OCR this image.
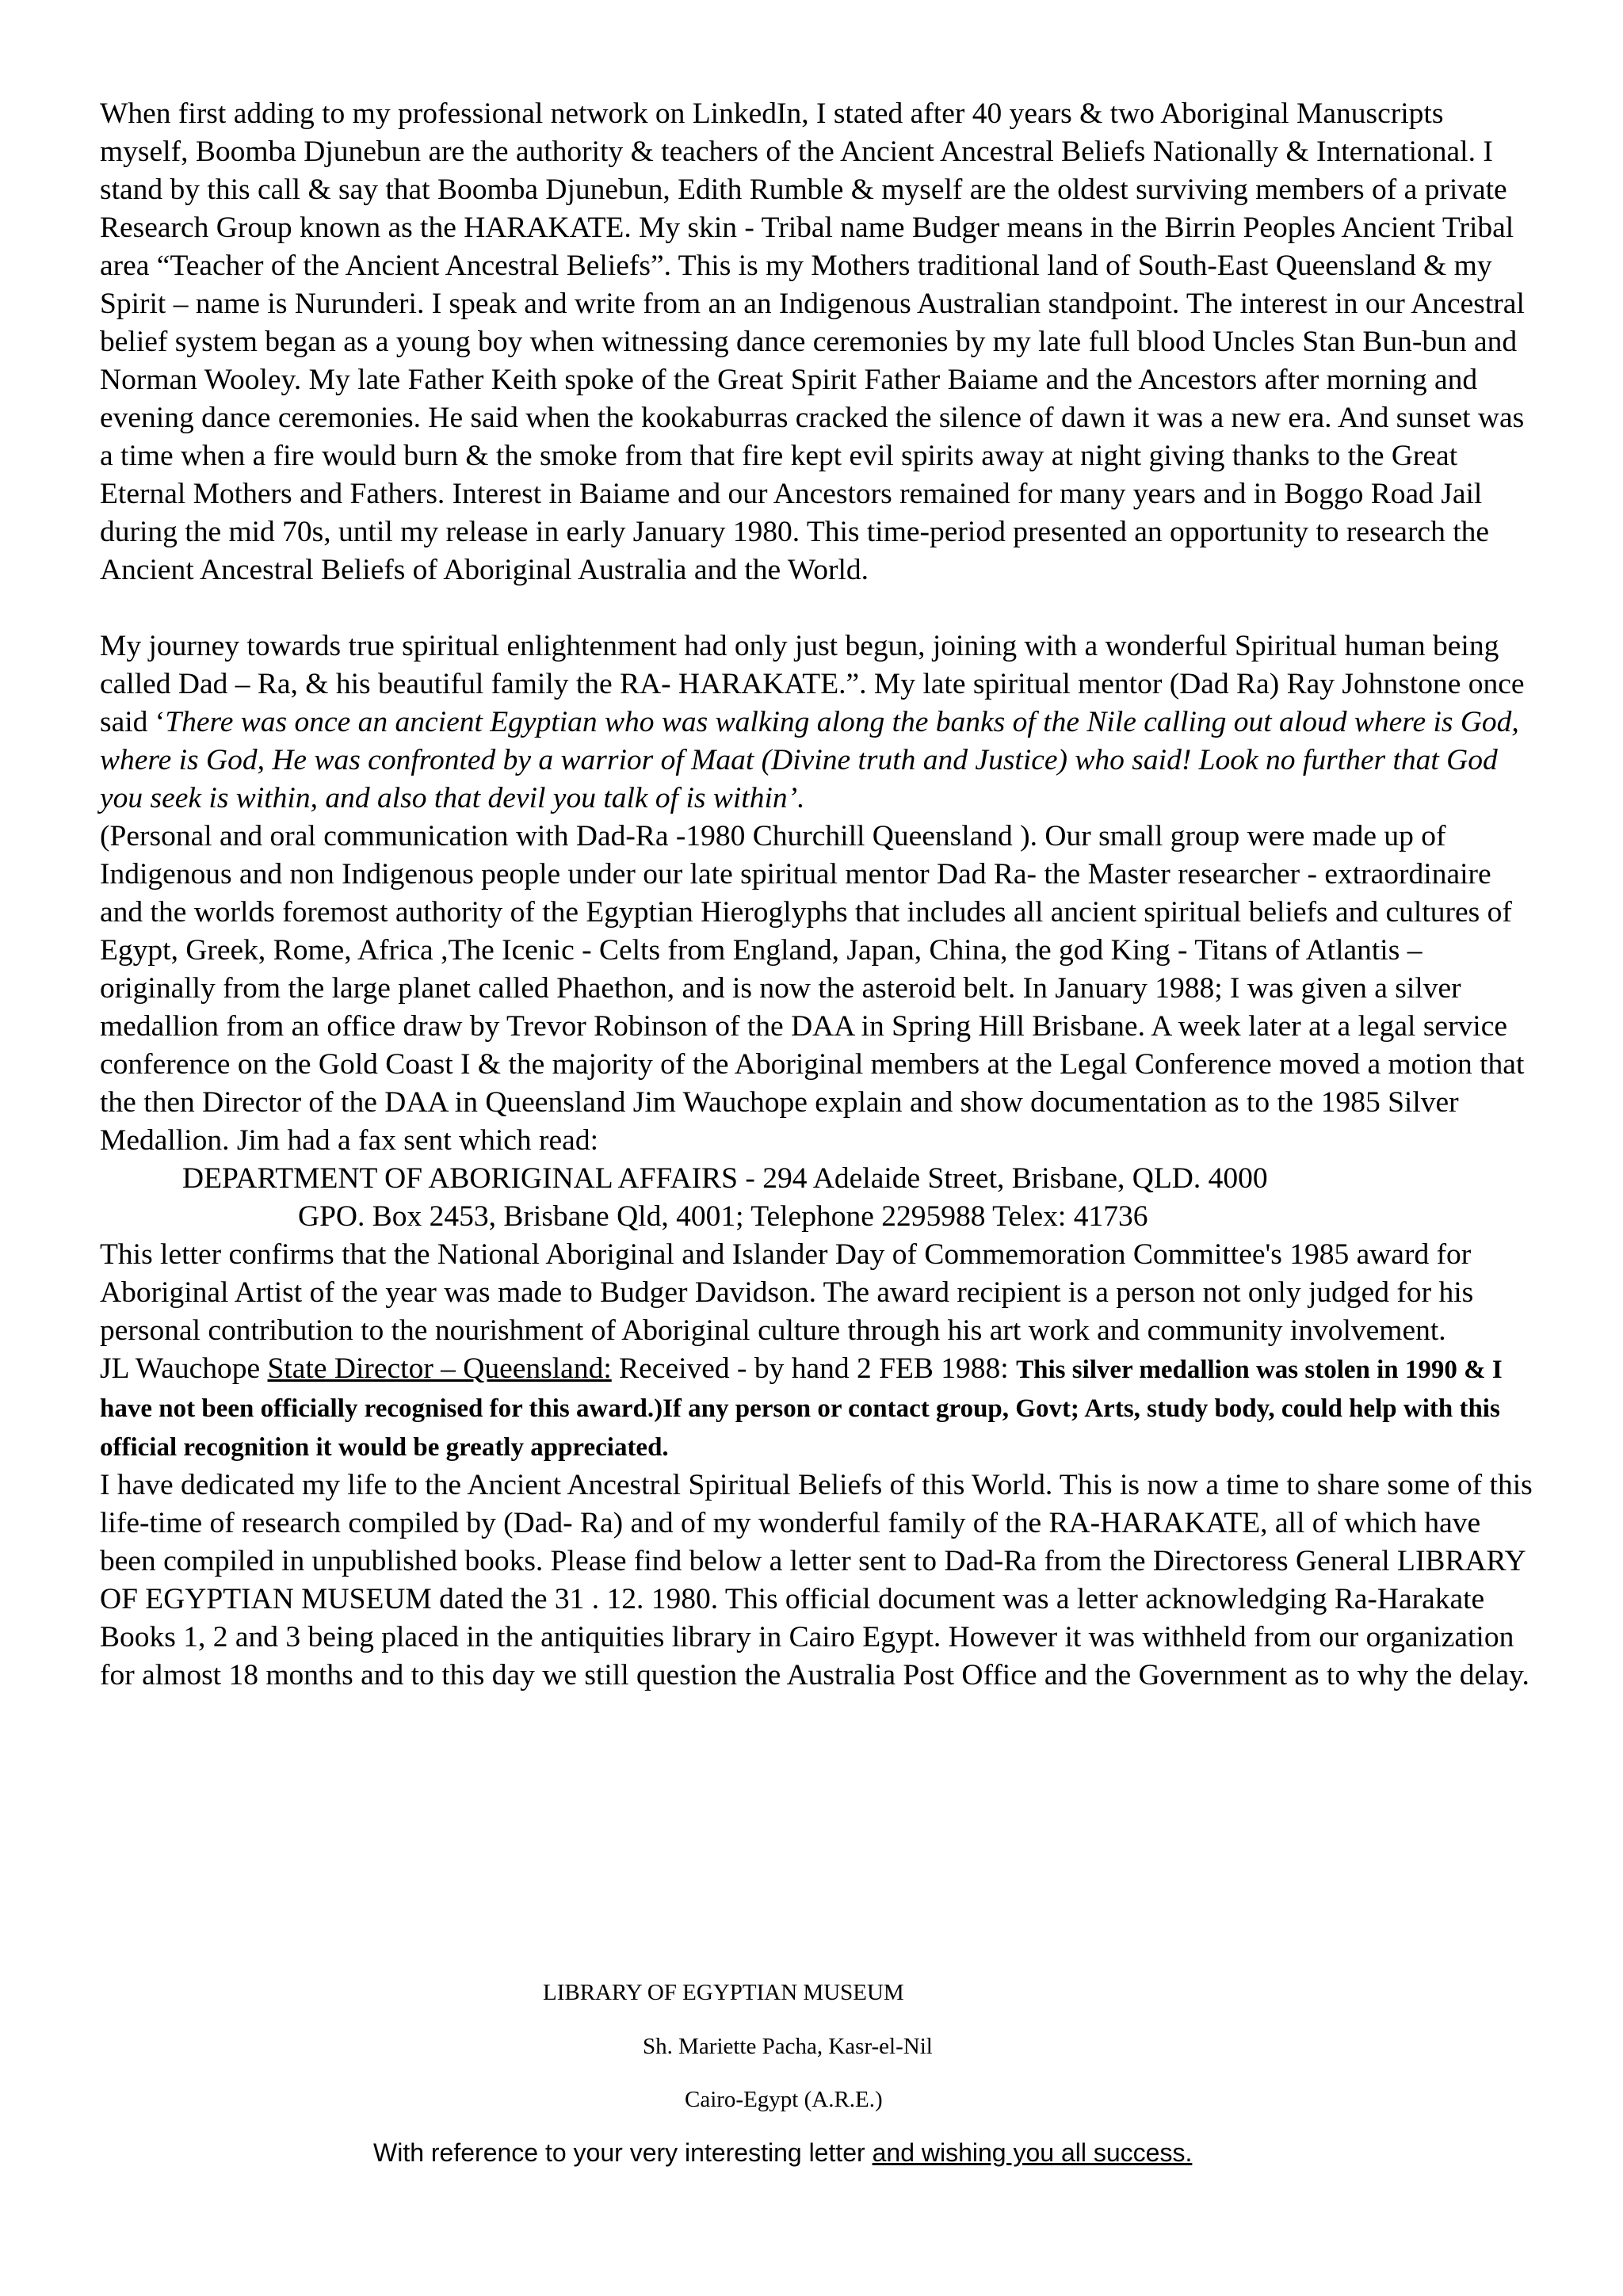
When first adding to my professional network on LinkedIn, I stated after 40 years & two Aboriginal Manuscripts myself, Boomba Djunebun are the authority & teachers of the Ancient Ancestral Beliefs Nationally & International. I stand by this call & say that Boomba Djunebun, Edith Rumble & myself are the oldest surviving members of a private Research Group known as the HARAKATE. My skin - Tribal name Budger means in the Birrin Peoples Ancient Tribal area “Teacher of the Ancient Ancestral Beliefs”. This is my Mothers traditional land of South-East Queensland & my Spirit – name is Nurunderi. I speak and write from an an Indigenous Australian standpoint. The interest in our Ancestral belief system began as a young boy when witnessing dance ceremonies by my late full blood Uncles Stan Bun-bun and Norman Wooley. My late Father Keith spoke of the Great Spirit Father Baiame and the Ancestors after morning and evening dance ceremonies. He said when the kookaburras cracked the silence of dawn it was a new era. And sunset was a time when a fire would burn & the smoke from that fire kept evil spirits away at night giving thanks to the Great Eternal Mothers and Fathers. Interest in Baiame and our Ancestors remained for many years and in Boggo Road Jail during the mid 70s, until my release in early January 1980. This time-period presented an opportunity to research the Ancient Ancestral Beliefs of Aboriginal Australia and the World.

My journey towards true spiritual enlightenment had only just begun, joining with a wonderful Spiritual human being called Dad – Ra, & his beautiful family the RA- HARAKATE.”. My late spiritual mentor (Dad Ra) Ray Johnstone once said ‘There was once an ancient Egyptian who was walking along the banks of the Nile calling out aloud where is God, where is God, He was confronted by a warrior of Maat (Divine truth and Justice) who said! Look no further that God you seek is within, and also that devil you talk of is within’.
(Personal and oral communication with Dad-Ra -1980 Churchill Queensland ). Our small group were made up of Indigenous and non Indigenous people under our late spiritual mentor Dad Ra- the Master researcher - extraordinaire and the worlds foremost authority of the Egyptian Hieroglyphs that includes all ancient spiritual beliefs and cultures of Egypt, Greek, Rome, Africa ,The Icenic - Celts from England, Japan, China, the god King - Titans of Atlantis – originally from the large planet called Phaethon, and is now the asteroid belt. In January 1988; I was given a silver medallion from an office draw by Trevor Robinson of the DAA in Spring Hill Brisbane. A week later at a legal service conference on the Gold Coast I & the majority of the Aboriginal members at the Legal Conference moved a motion that the then Director of the DAA in Queensland Jim Wauchope explain and show documentation as to the 1985 Silver Medallion. Jim had a fax sent which read:

DEPARTMENT OF ABORIGINAL AFFAIRS - 294 Adelaide Street, Brisbane, QLD. 4000
GPO. Box 2453, Brisbane Qld, 4001; Telephone 2295988 Telex: 41736

This letter confirms that the National Aboriginal and Islander Day of Commemoration Committee's 1985 award for Aboriginal Artist of the year was made to Budger Davidson. The award recipient is a person not only judged for his personal contribution to the nourishment of Aboriginal culture through his art work and community involvement.

JL Wauchope State Director – Queensland: Received - by hand 2 FEB 1988: This silver medallion was stolen in 1990 & I have not been officially recognised for this award.)If any person or contact group, Govt; Arts, study body, could help with this official recognition it would be greatly appreciated.

I have dedicated my life to the Ancient Ancestral Spiritual Beliefs of this World. This is now a time to share some of this life-time of research compiled by (Dad- Ra) and of my wonderful family of the RA-HARAKATE, all of which have been compiled in unpublished books. Please find below a letter sent to Dad-Ra from the Directoress General LIBRARY OF EGYPTIAN MUSEUM dated the 31 . 12. 1980. This official document was a letter acknowledging Ra-Harakate Books 1, 2 and 3 being placed in the antiquities library in Cairo Egypt. However it was withheld from our organization for almost 18 months and to this day we still question the Australia Post Office and the Government as to why the delay.

LIBRARY OF EGYPTIAN MUSEUM
Sh. Mariette Pacha, Kasr-el-Nil
Cairo-Egypt (A.R.E.)
With reference to your very interesting letter and wishing you all success.
